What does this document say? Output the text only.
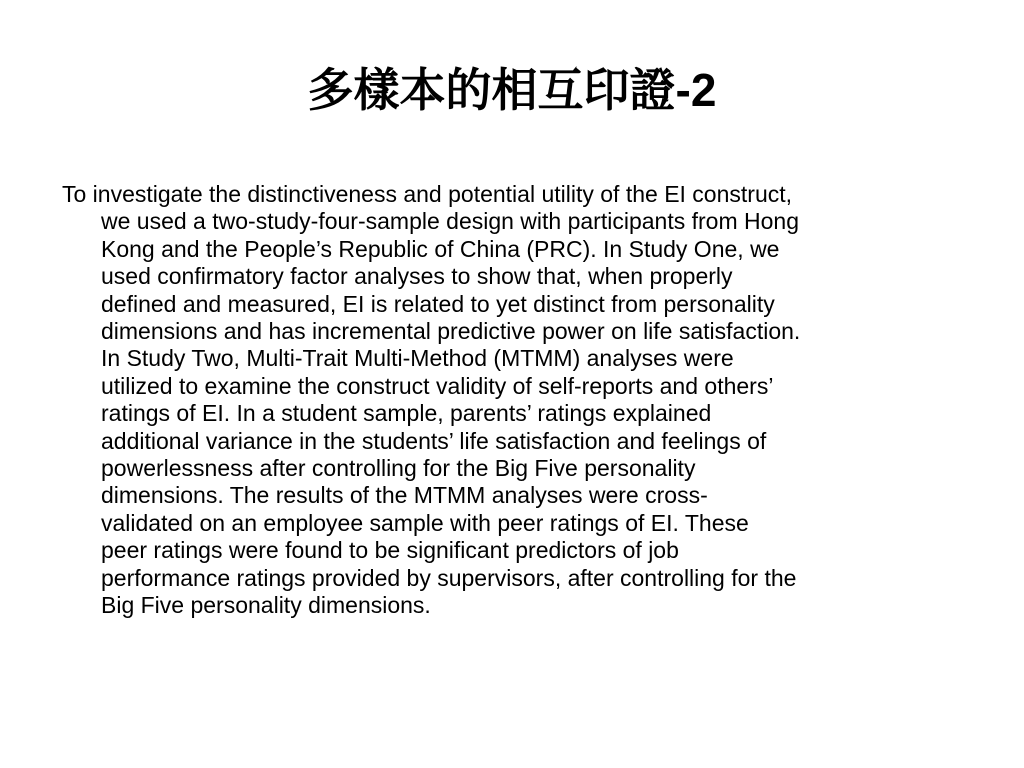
多樣本的相互印證-2

To investigate the distinctiveness and potential utility of the EI construct,
we used a two-study-four-sample design with participants from Hong
Kong and the People’s Republic of China (PRC). In Study One, we
used confirmatory factor analyses to show that, when properly
defined and measured, EI is related to yet distinct from personality
dimensions and has incremental predictive power on life satisfaction.
In Study Two, Multi-Trait Multi-Method (MTMM) analyses were
utilized to examine the construct validity of self-reports and others’
ratings of EI. In a student sample, parents’ ratings explained
additional variance in the students’ life satisfaction and feelings of
powerlessness after controlling for the Big Five personality
dimensions. The results of the MTMM analyses were cross-
validated on an employee sample with peer ratings of EI. These
peer ratings were found to be significant predictors of job
performance ratings provided by supervisors, after controlling for the
Big Five personality dimensions.
